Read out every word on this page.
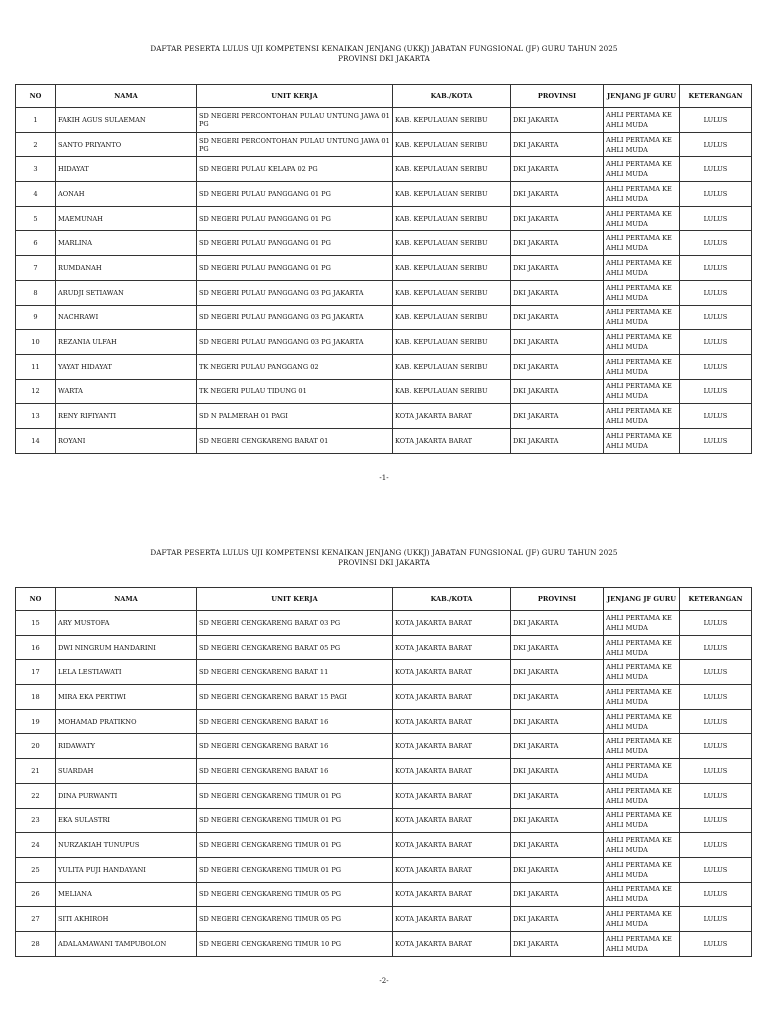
DAFTAR PESERTA LULUS UJI KOMPETENSI KENAIKAN JENJANG (UKKJ) JABATAN FUNGSIONAL (JF) GURU TAHUN 2025
PROVINSI DKI JAKARTA
NO	NAMA	UNIT KERJA	KAB./KOTA	PROVINSI	JENJANG JF GURU	KETERANGAN
1	FAKIH AGUS SULAEMAN	SD NEGERI PERCONTOHAN PULAU UNTUNG JAWA 01 PG	KAB. KEPULAUAN SERIBU	DKI JAKARTA	AHLI PERTAMA KE AHLI MUDA	LULUS
2	SANTO PRIYANTO	SD NEGERI PERCONTOHAN PULAU UNTUNG JAWA 01 PG	KAB. KEPULAUAN SERIBU	DKI JAKARTA	AHLI PERTAMA KE AHLI MUDA	LULUS
3	HIDAYAT	SD NEGERI PULAU KELAPA 02 PG	KAB. KEPULAUAN SERIBU	DKI JAKARTA	AHLI PERTAMA KE AHLI MUDA	LULUS
4	AONAH	SD NEGERI PULAU PANGGANG 01 PG	KAB. KEPULAUAN SERIBU	DKI JAKARTA	AHLI PERTAMA KE AHLI MUDA	LULUS
5	MAEMUNAH	SD NEGERI PULAU PANGGANG 01 PG	KAB. KEPULAUAN SERIBU	DKI JAKARTA	AHLI PERTAMA KE AHLI MUDA	LULUS
6	MARLINA	SD NEGERI PULAU PANGGANG 01 PG	KAB. KEPULAUAN SERIBU	DKI JAKARTA	AHLI PERTAMA KE AHLI MUDA	LULUS
7	RUMDANAH	SD NEGERI PULAU PANGGANG 01 PG	KAB. KEPULAUAN SERIBU	DKI JAKARTA	AHLI PERTAMA KE AHLI MUDA	LULUS
8	ARUDJI SETIAWAN	SD NEGERI PULAU PANGGANG 03 PG JAKARTA	KAB. KEPULAUAN SERIBU	DKI JAKARTA	AHLI PERTAMA KE AHLI MUDA	LULUS
9	NACHRAWI	SD NEGERI PULAU PANGGANG 03 PG JAKARTA	KAB. KEPULAUAN SERIBU	DKI JAKARTA	AHLI PERTAMA KE AHLI MUDA	LULUS
10	REZANIA ULFAH	SD NEGERI PULAU PANGGANG 03 PG JAKARTA	KAB. KEPULAUAN SERIBU	DKI JAKARTA	AHLI PERTAMA KE AHLI MUDA	LULUS
11	YAYAT HIDAYAT	TK NEGERI PULAU PANGGANG 02	KAB. KEPULAUAN SERIBU	DKI JAKARTA	AHLI PERTAMA KE AHLI MUDA	LULUS
12	WARTA	TK NEGERI PULAU TIDUNG 01	KAB. KEPULAUAN SERIBU	DKI JAKARTA	AHLI PERTAMA KE AHLI MUDA	LULUS
13	RENY RIFIYANTI	SD N PALMERAH 01 PAGI	KOTA JAKARTA BARAT	DKI JAKARTA	AHLI PERTAMA KE AHLI MUDA	LULUS
14	ROYANI	SD NEGERI CENGKARENG BARAT 01	KOTA JAKARTA BARAT	DKI JAKARTA	AHLI PERTAMA KE AHLI MUDA	LULUS
-1-
DAFTAR PESERTA LULUS UJI KOMPETENSI KENAIKAN JENJANG (UKKJ) JABATAN FUNGSIONAL (JF) GURU TAHUN 2025
PROVINSI DKI JAKARTA
NO	NAMA	UNIT KERJA	KAB./KOTA	PROVINSI	JENJANG JF GURU	KETERANGAN
15	ARY MUSTOFA	SD NEGERI CENGKARENG BARAT 03 PG	KOTA JAKARTA BARAT	DKI JAKARTA	AHLI PERTAMA KE AHLI MUDA	LULUS
16	DWI NINGRUM HANDARINI	SD NEGERI CENGKARENG BARAT 05 PG	KOTA JAKARTA BARAT	DKI JAKARTA	AHLI PERTAMA KE AHLI MUDA	LULUS
17	LELA LESTIAWATI	SD NEGERI CENGKARENG BARAT 11	KOTA JAKARTA BARAT	DKI JAKARTA	AHLI PERTAMA KE AHLI MUDA	LULUS
18	MIRA EKA PERTIWI	SD NEGERI CENGKARENG BARAT 15 PAGI	KOTA JAKARTA BARAT	DKI JAKARTA	AHLI PERTAMA KE AHLI MUDA	LULUS
19	MOHAMAD PRATIKNO	SD NEGERI CENGKARENG BARAT 16	KOTA JAKARTA BARAT	DKI JAKARTA	AHLI PERTAMA KE AHLI MUDA	LULUS
20	RIDAWATY	SD NEGERI CENGKARENG BARAT 16	KOTA JAKARTA BARAT	DKI JAKARTA	AHLI PERTAMA KE AHLI MUDA	LULUS
21	SUARDAH	SD NEGERI CENGKARENG BARAT 16	KOTA JAKARTA BARAT	DKI JAKARTA	AHLI PERTAMA KE AHLI MUDA	LULUS
22	DINA PURWANTI	SD NEGERI CENGKARENG TIMUR 01 PG	KOTA JAKARTA BARAT	DKI JAKARTA	AHLI PERTAMA KE AHLI MUDA	LULUS
23	EKA SULASTRI	SD NEGERI CENGKARENG TIMUR 01 PG	KOTA JAKARTA BARAT	DKI JAKARTA	AHLI PERTAMA KE AHLI MUDA	LULUS
24	NURZAKIAH TUNUPUS	SD NEGERI CENGKARENG TIMUR 01 PG	KOTA JAKARTA BARAT	DKI JAKARTA	AHLI PERTAMA KE AHLI MUDA	LULUS
25	YULITA PUJI HANDAYANI	SD NEGERI CENGKARENG TIMUR 01 PG	KOTA JAKARTA BARAT	DKI JAKARTA	AHLI PERTAMA KE AHLI MUDA	LULUS
26	MELIANA	SD NEGERI CENGKARENG TIMUR 05 PG	KOTA JAKARTA BARAT	DKI JAKARTA	AHLI PERTAMA KE AHLI MUDA	LULUS
27	SITI AKHIROH	SD NEGERI CENGKARENG TIMUR 05 PG	KOTA JAKARTA BARAT	DKI JAKARTA	AHLI PERTAMA KE AHLI MUDA	LULUS
28	ADALAMAWANI TAMPUBOLON	SD NEGERI CENGKARENG TIMUR 10 PG	KOTA JAKARTA BARAT	DKI JAKARTA	AHLI PERTAMA KE AHLI MUDA	LULUS
-2-
